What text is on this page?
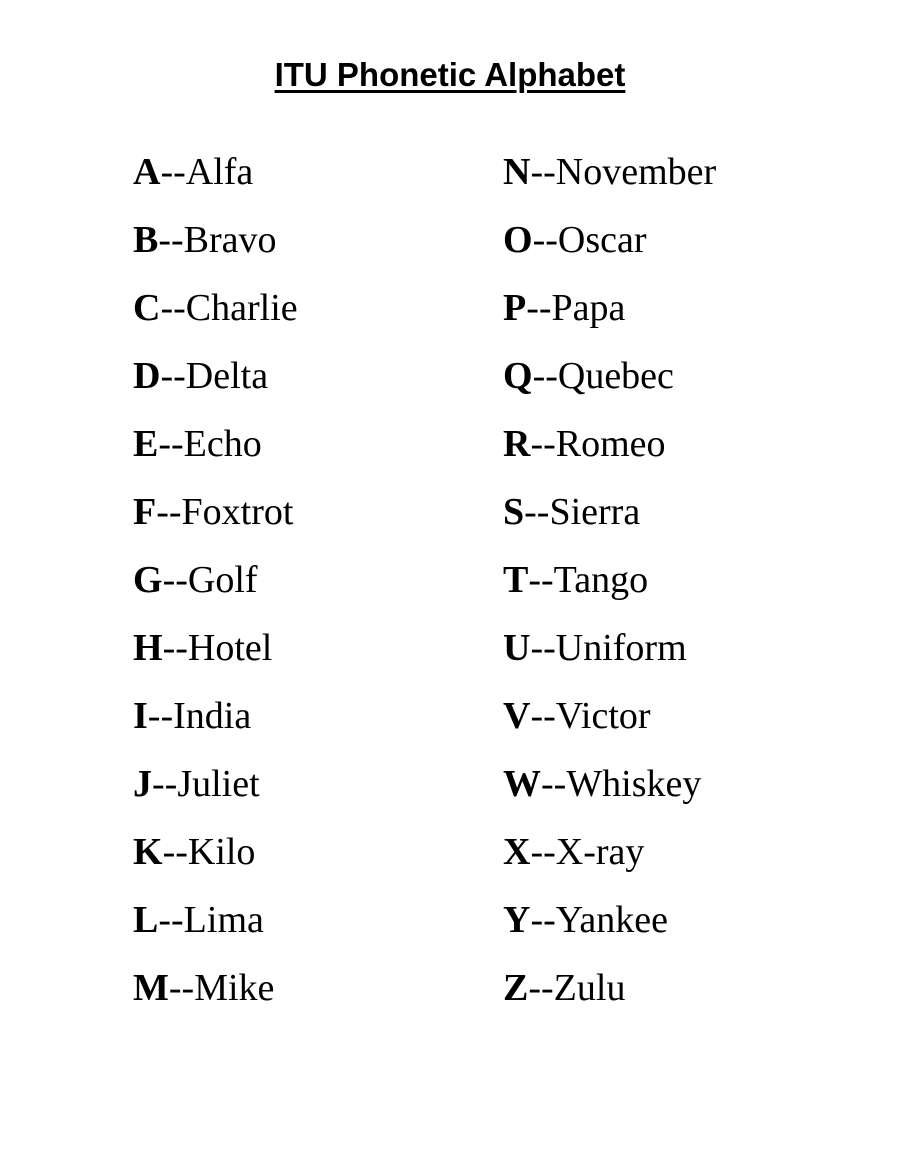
ITU Phonetic Alphabet
A--Alfa
B--Bravo
C--Charlie
D--Delta
E--Echo
F--Foxtrot
G--Golf
H--Hotel
I--India
J--Juliet
K--Kilo
L--Lima
M--Mike
N--November
O--Oscar
P--Papa
Q--Quebec
R--Romeo
S--Sierra
T--Tango
U--Uniform
V--Victor
W--Whiskey
X--X-ray
Y--Yankee
Z--Zulu
